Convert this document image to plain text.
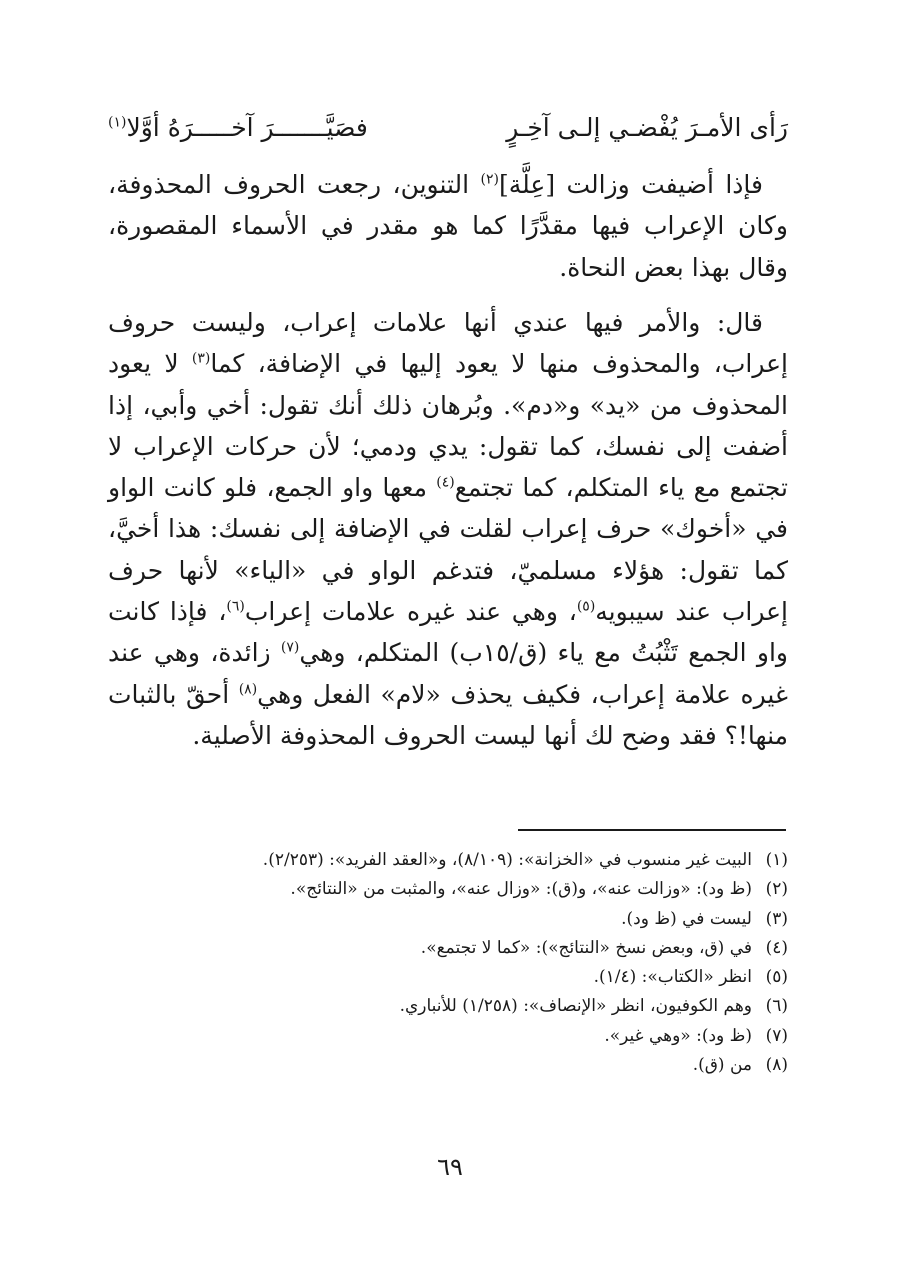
رَأى الأمـرَ يُفْضـي إلـى آخِـرٍ
فصَيَّـــــــرَ آخـــــرَهُ أوَّلا$^{(١)}$

فإذا أضيفت وزالت [عِلَّة]$^{(٢)}$ التنوين، رجعت الحروف المحذوفة، وكان الإعراب فيها مقدَّرًا كما هو مقدر في الأسماء المقصورة، وقال بهذا بعض النحاة.

قال: والأمر فيها عندي أنها علامات إعراب، وليست حروف إعراب، والمحذوف منها لا يعود إليها في الإضافة، كما$^{(٣)}$ لا يعود المحذوف من «يد» و«دم». وبُرهان ذلك أنك تقول: أخي وأبي، إذا أضفت إلى نفسك، كما تقول: يدي ودمي؛ لأن حركات الإعراب لا تجتمع مع ياء المتكلم، كما تجتمع$^{(٤)}$ معها واو الجمع، فلو كانت الواو في «أخوك» حرف إعراب لقلت في الإضافة إلى نفسك: هذا أخيَّ، كما تقول: هؤلاء مسلميّ، فتدغم الواو في «الياء» لأنها حرف إعراب عند سيبويه$^{(٥)}$، وهي عند غيره علامات إعراب$^{(٦)}$، فإذا كانت واو الجمع تَثْبُتُ مع ياء (ق/١٥ب) المتكلم، وهي$^{(٧)}$ زائدة، وهي عند غيره علامة إعراب، فكيف يحذف «لام» الفعل وهي$^{(٨)}$ أحقّ بالثبات منها!؟ فقد وضح لك أنها ليست الحروف المحذوفة الأصلية.

(١)
البيت غير منسوب في «الخزانة»: (٨/١٠٩)، و«العقد الفريد»: (٢/٢٥٣).
(٢)
(ظ ود): «وزالت عنه»، و(ق): «وزال عنه»، والمثبت من «النتائج».
(٣)
ليست في (ظ ود).
(٤)
في (ق، وبعض نسخ «النتائج»): «كما لا تجتمع».
(٥)
انظر «الكتاب»: (١/٤).
(٦)
وهم الكوفيون، انظر «الإنصاف»: (١/٢٥٨) للأنباري.
(٧)
(ظ ود): «وهي غير».
(٨)
من (ق).
٦٩
